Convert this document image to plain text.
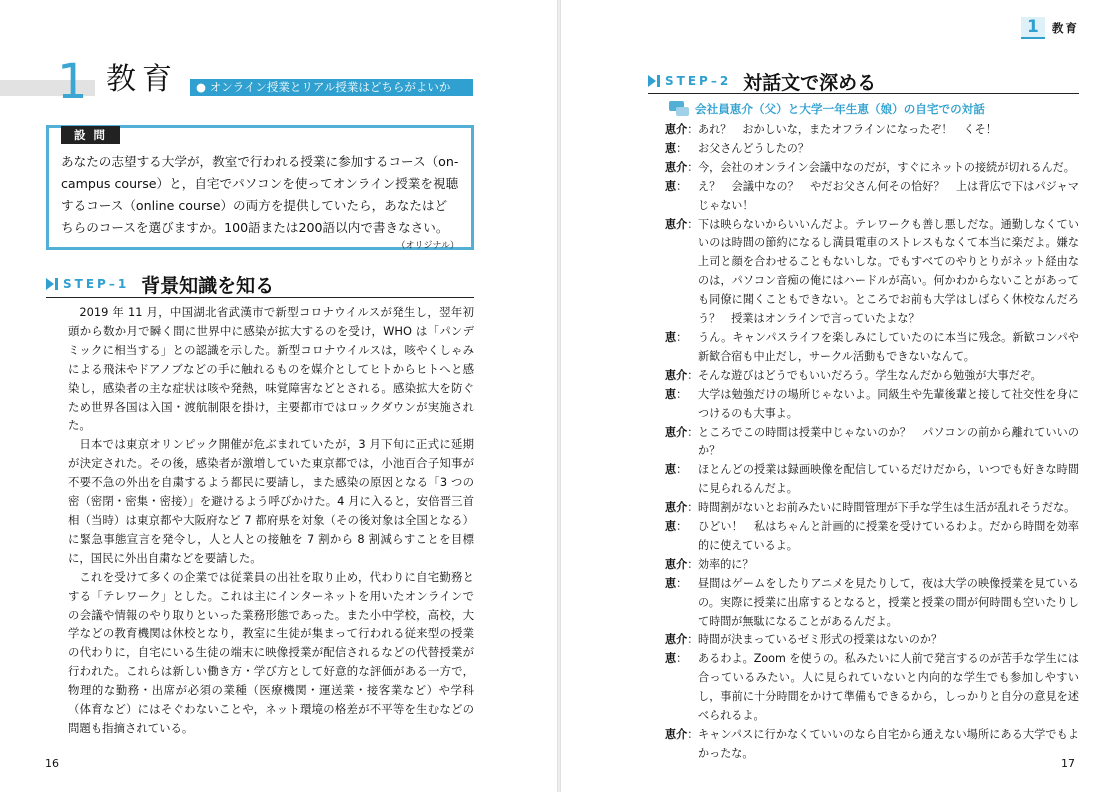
1 教育	● オンライン授業とリアル授業はどちらがよいか
設 問
あなたの志望する大学が，教室で行われる授業に参加するコース（on-campus course）と，自宅でパソコンを使ってオンライン授業を視聴するコース（online course）の両方を提供していたら，あなたはどちらのコースを選びますか。100語または200語以内で書きなさい。
（オリジナル）
STEP–1 背景知識を知る

2019 年 11 月，中国湖北省武漢市で新型コロナウイルスが発生し，翌年初頭から数か月で瞬く間に世界中に感染が拡大するのを受け，WHO は「パンデミックに相当する」との認識を示した。新型コロナウイルスは，咳やくしゃみによる飛沫やドアノブなどの手に触れるものを媒介としてヒトからヒトへと感染し，感染者の主な症状は咳や発熱，味覚障害などとされる。感染拡大を防ぐため世界各国は入国・渡航制限を掛け，主要都市ではロックダウンが実施された。

日本では東京オリンピック開催が危ぶまれていたが，3 月下旬に正式に延期が決定された。その後，感染者が激増していた東京都では，小池百合子知事が不要不急の外出を自粛するよう都民に要請し，また感染の原因となる「3 つの密（密閉・密集・密接）」を避けるよう呼びかけた。4 月に入ると，安倍晋三首相（当時）は東京都や大阪府など 7 都府県を対象（その後対象は全国となる）に緊急事態宣言を発令し，人と人との接触を 7 割から 8 割減らすことを目標に，国民に外出自粛などを要請した。

これを受けて多くの企業では従業員の出社を取り止め，代わりに自宅勤務とする「テレワーク」とした。これは主にインターネットを用いたオンラインでの会議や情報のやり取りといった業務形態であった。また小中学校，高校，大学などの教育機関は休校となり，教室に生徒が集まって行われる従来型の授業の代わりに，自宅にいる生徒の端末に映像授業が配信されるなどの代替授業が行われた。これらは新しい働き方・学び方として好意的な評価がある一方で，物理的な勤務・出席が必須の業種（医療機関・運送業・接客業など）や学科（体育など）にはそぐわないことや，ネット環境の格差が不平等を生むなどの問題も指摘されている。

16
1	教育
STEP–2 対話文で深める
会社員恵介（父）と大学一年生恵（娘）の自宅での対話
恵介 ： あれ？　おかしいな，またオフラインになったぞ！　くそ！
恵 ：	お父さんどうしたの？
恵介 ： 今，会社のオンライン会議中なのだが，すぐにネットの接続が切れるんだ。
恵 ：	え？　会議中なの？　やだお父さん何その恰好？　上は背広で下はパジャマじゃない！
恵介 ： 下は映らないからいいんだよ。テレワークも善し悪しだな。通勤しなくていいのは時間の節約になるし満員電車のストレスもなくて本当に楽だよ。嫌な上司と顔を合わせることもないしな。でもすべてのやりとりがネット経由なのは，パソコン音痴の俺にはハードルが高い。何かわからないことがあっても同僚に聞くこともできない。ところでお前も大学はしばらく休校なんだろう？　授業はオンラインで言っていたよな？
恵 ：	うん。キャンパスライフを楽しみにしていたのに本当に残念。新歓コンパや新歓合宿も中止だし，サークル活動もできないなんて。
恵介 ： そんな遊びはどうでもいいだろう。学生なんだから勉強が大事だぞ。
恵 ：	大学は勉強だけの場所じゃないよ。同級生や先輩後輩と接して社交性を身につけるのも大事よ。
恵介 ： ところでこの時間は授業中じゃないのか？　パソコンの前から離れていいのか？
恵 ：	ほとんどの授業は録画映像を配信しているだけだから，いつでも好きな時間に見られるんだよ。
恵介 ： 時間割がないとお前みたいに時間管理が下手な学生は生活が乱れそうだな。
恵 ：	ひどい！　私はちゃんと計画的に授業を受けているわよ。だから時間を効率的に使えているよ。
恵介 ： 効率的に？
恵 ：	昼間はゲームをしたりアニメを見たりして，夜は大学の映像授業を見ているの。実際に授業に出席するとなると，授業と授業の間が何時間も空いたりして時間が無駄になることがあるんだよ。
恵介 ： 時間が決まっているゼミ形式の授業はないのか？
恵 ：	あるわよ。Zoom を使うの。私みたいに人前で発言するのが苦手な学生には合っているみたい。人に見られていないと内向的な学生でも参加しやすいし，事前に十分時間をかけて準備もできるから，しっかりと自分の意見を述べられるよ。
恵介 ： キャンパスに行かなくていいのなら自宅から通えない場所にある大学でもよかったな。
17
